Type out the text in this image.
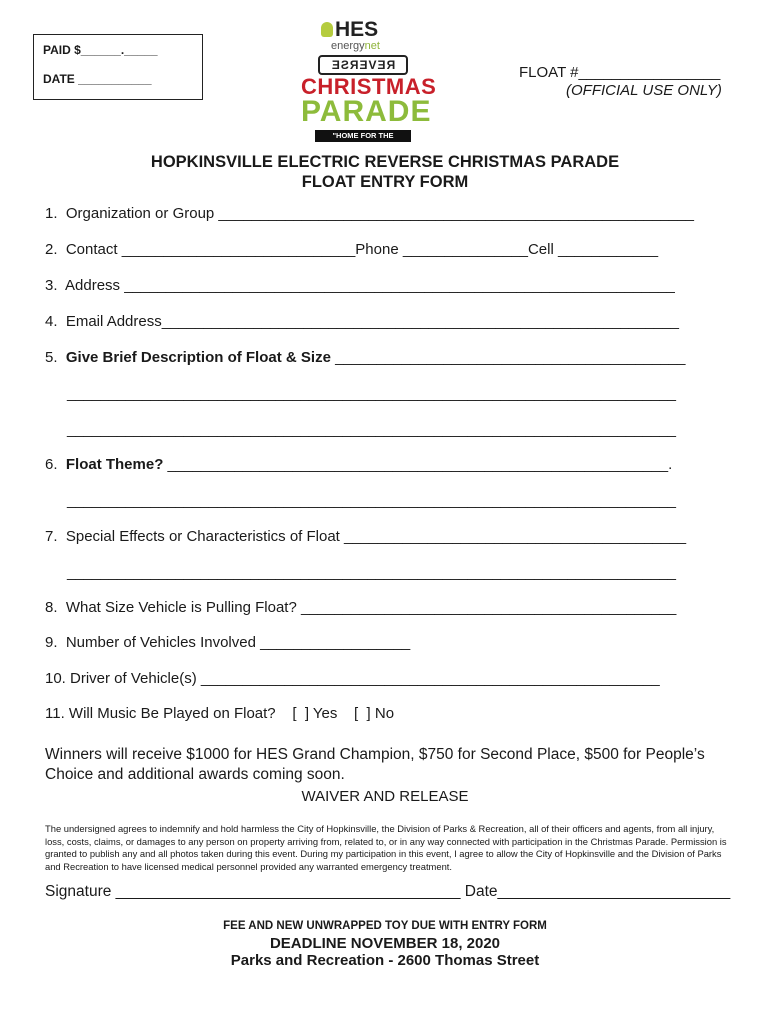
PAID $______._____
DATE ___________
HES
energynet
REVERSE
CHRISTMAS
PARADE
"HOME FOR THE HOLIDAYS"
FLOAT #_________________
(OFFICIAL USE ONLY)
HOPKINSVILLE ELECTRIC REVERSE CHRISTMAS PARADE
FLOAT ENTRY FORM
1.  Organization or Group _________________________________________________________
2.  Contact ____________________________Phone _______________Cell ____________
3.  Address __________________________________________________________________
4.  Email Address______________________________________________________________
5.  Give Brief Description of Float & Size __________________________________________
_________________________________________________________________________
_________________________________________________________________________
6.  Float Theme? ____________________________________________________________.
_________________________________________________________________________
7.  Special Effects or Characteristics of Float _________________________________________
_________________________________________________________________________
8.  What Size Vehicle is Pulling Float? _____________________________________________
9.  Number of Vehicles Involved __________________
10. Driver of Vehicle(s) _______________________________________________________
11. Will Music Be Played on Float?    [  ] Yes    [  ] No
Winners will receive $1000 for HES Grand Champion, $750 for Second Place, $500 for People’s
Choice and additional awards coming soon.
WAIVER AND RELEASE
The undersigned agrees to indemnify and hold harmless the City of Hopkinsville, the Division of Parks & Recreation, all of their officers and agents, from all injury, loss, costs, claims, or damages to any person on property arriving from, related to, or in any way connected with participation in the Christmas Parade. Permission is granted to publish any and all photos taken during this event. During my participation in this event, I agree to allow the City of Hopkinsville and the Division of Parks and Recreation to have licensed medical personnel provided any warranted emergency treatment.
Signature ________________________________________ Date___________________________
FEE AND NEW UNWRAPPED TOY DUE WITH ENTRY FORM
DEADLINE NOVEMBER 18, 2020
Parks and Recreation - 2600 Thomas Street
